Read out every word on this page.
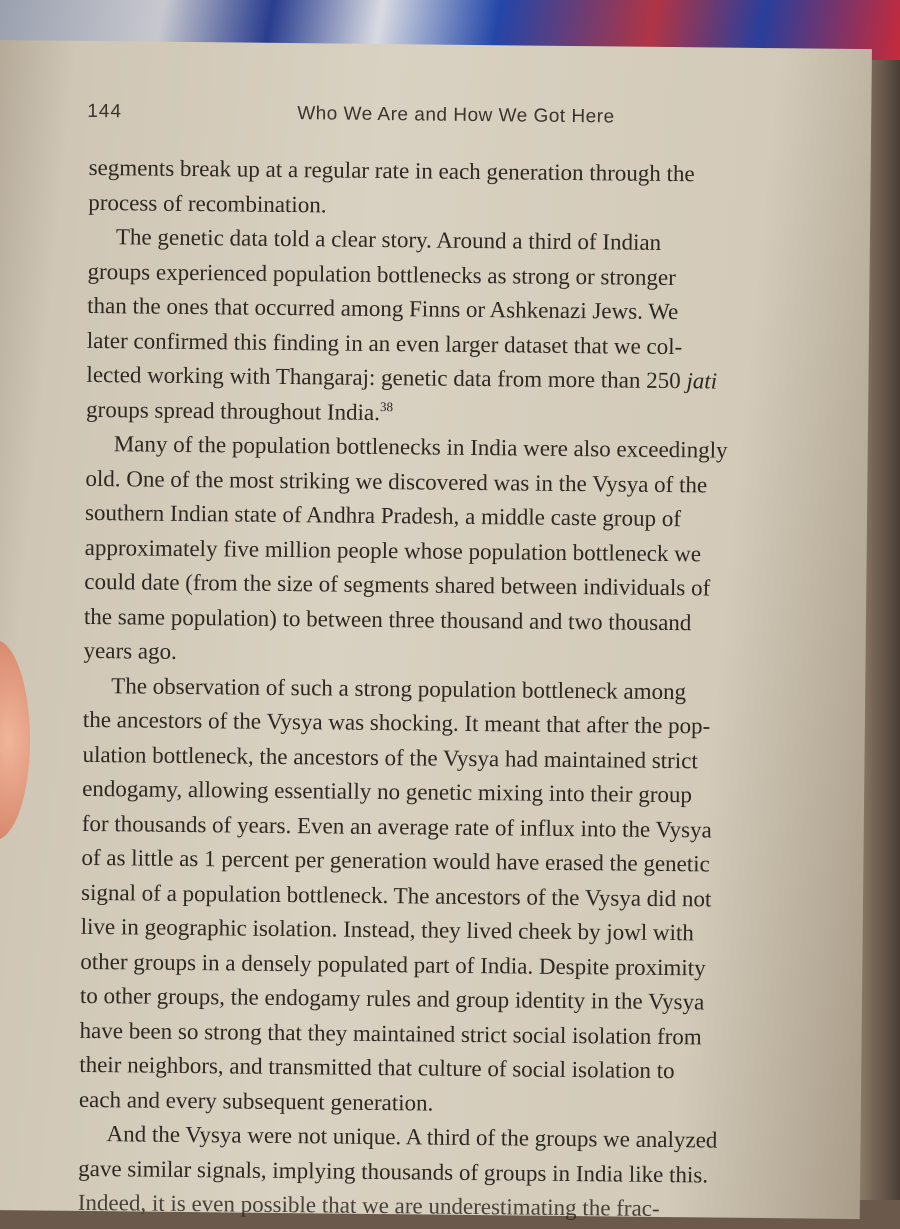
144	Who We Are and How We Got Here
segments break up at a regular rate in each generation through the
process of recombination.
The genetic data told a clear story. Around a third of Indian
groups experienced population bottlenecks as strong or stronger
than the ones that occurred among Finns or Ashkenazi Jews. We
later confirmed this finding in an even larger dataset that we col-
lected working with Thangaraj: genetic data from more than 250 jati
groups spread throughout India.$^{38}$
Many of the population bottlenecks in India were also exceedingly
old. One of the most striking we discovered was in the Vysya of the
southern Indian state of Andhra Pradesh, a middle caste group of
approximately five million people whose population bottleneck we
could date (from the size of segments shared between individuals of
the same population) to between three thousand and two thousand
years ago.
The observation of such a strong population bottleneck among
the ancestors of the Vysya was shocking. It meant that after the pop-
ulation bottleneck, the ancestors of the Vysya had maintained strict
endogamy, allowing essentially no genetic mixing into their group
for thousands of years. Even an average rate of influx into the Vysya
of as little as 1 percent per generation would have erased the genetic
signal of a population bottleneck. The ancestors of the Vysya did not
live in geographic isolation. Instead, they lived cheek by jowl with
other groups in a densely populated part of India. Despite proximity
to other groups, the endogamy rules and group identity in the Vysya
have been so strong that they maintained strict social isolation from
their neighbors, and transmitted that culture of social isolation to
each and every subsequent generation.
And the Vysya were not unique. A third of the groups we analyzed
gave similar signals, implying thousands of groups in India like this.
Indeed, it is even possible that we are underestimating the frac-
